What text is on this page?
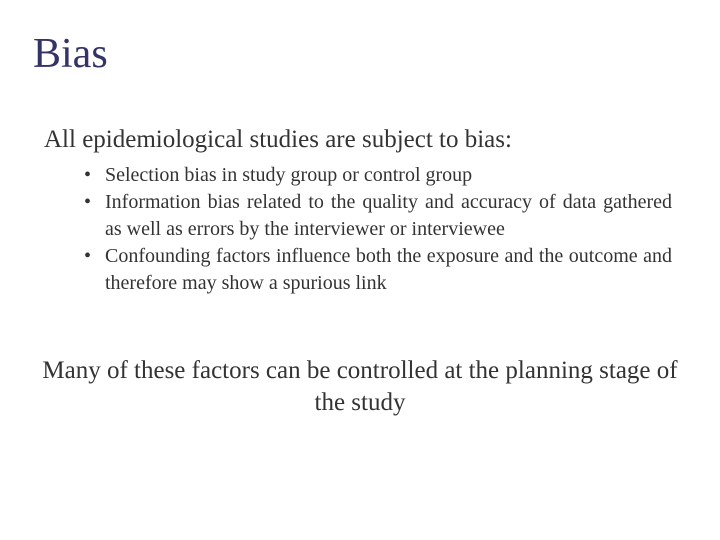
Bias
All epidemiological studies are subject to bias:
• Selection bias in study group or control group
• Information bias related to the quality and accuracy of data gathered as well as errors by the interviewer or interviewee
• Confounding factors influence both the exposure and the outcome and therefore may show a spurious link
Many of these factors can be controlled at the planning stage of the study
